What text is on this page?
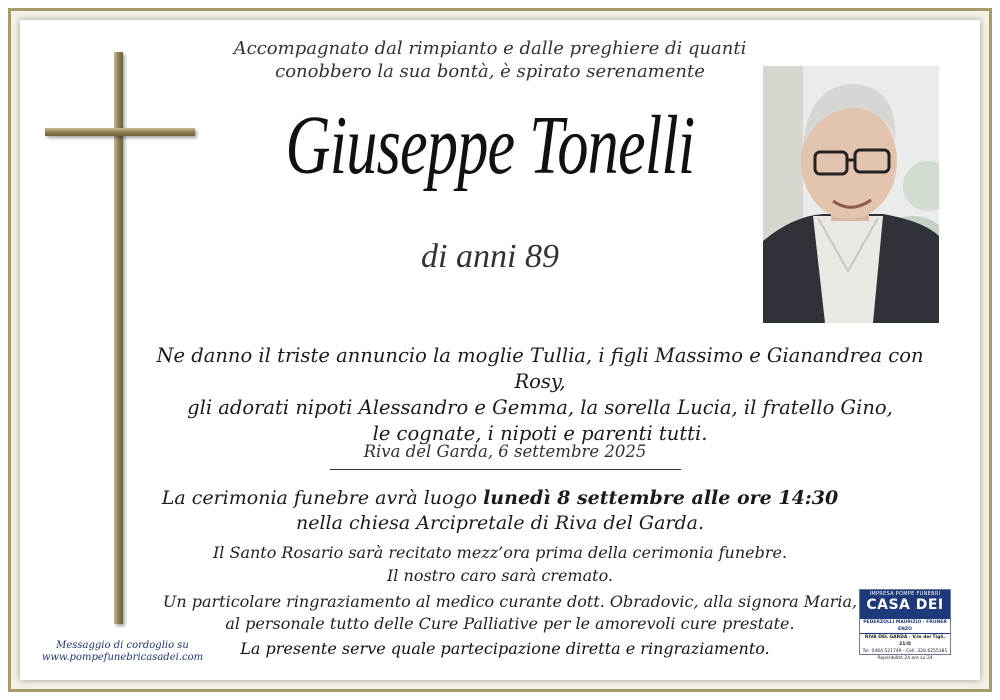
Accompagnato dal rimpianto e dalle preghiere di quanti
conobbero la sua bontà, è spirato serenamente
Giuseppe Tonelli
di anni 89
Ne danno il triste annuncio la moglie Tullia, i figli Massimo e Gianandrea con Rosy,
gli adorati nipoti Alessandro e Gemma, la sorella Lucia, il fratello Gino,
le cognate, i nipoti e parenti tutti.
Riva del Garda, 6 settembre 2025
La cerimonia funebre avrà luogo lunedì 8 settembre alle ore 14:30
nella chiesa Arcipretale di Riva del Garda.
Il Santo Rosario sarà recitato mezz’ora prima della cerimonia funebre.
Il nostro caro sarà cremato.
Un particolare ringraziamento al medico curante dott. Obradovic, alla signora Maria,
al personale tutto delle Cure Palliative per le amorevoli cure prestate.
La presente serve quale partecipazione diretta e ringraziamento.
Messaggio di cordoglio su
www.pompefunebricasadei.com
IMPRESA POMPE FUNEBRI
CASA DEI
PEDERZOLLI MAURIZIO - FRUNER ENZO
RIVA DEL GARDA - V.le dei Tigli, 21/D
Tel. 0464.521749 - Cell. 328.6255181
Reperibilità 24 ore su 24
